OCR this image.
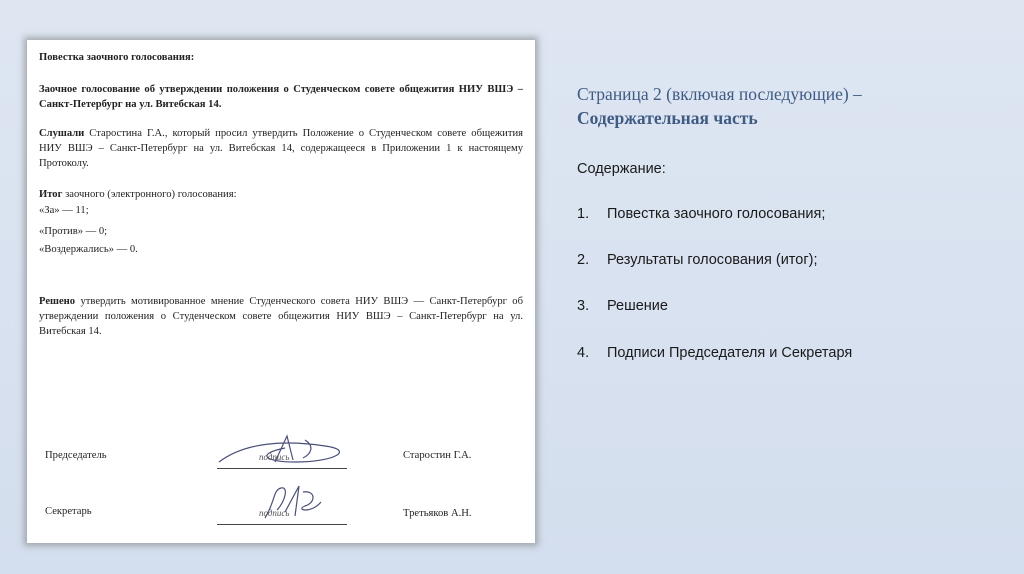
Повестка заочного голосования:

Заочное голосование об утверждении положения о Студенческом совете общежития НИУ ВШЭ – Санкт-Петербург на ул. Витебская 14.

Слушали Старостина Г.А., который просил утвердить Положение о Студенческом совете общежития НИУ ВШЭ – Санкт-Петербург на ул. Витебская 14, содержащееся в Приложении 1 к настоящему Протоколу.

Итог заочного (электронного) голосования:

«За» — 11;

«Против» — 0;

«Воздержались» — 0.

Решено утвердить мотивированное мнение Студенческого совета НИУ ВШЭ — Санкт-Петербург об утверждении положения о Студенческом совете общежития НИУ ВШЭ – Санкт-Петербург на ул. Витебская 14.

Председатель	подпись	Старостин Г.А.
Секретарь	подпись	Третьяков А.Н.
Страница 2 (включая последующие) –
Содержательная часть
Содержание:
1. Повестка заочного голосования;
2. Результаты голосования (итог);
3. Решение
4. Подписи Председателя и Секретаря
